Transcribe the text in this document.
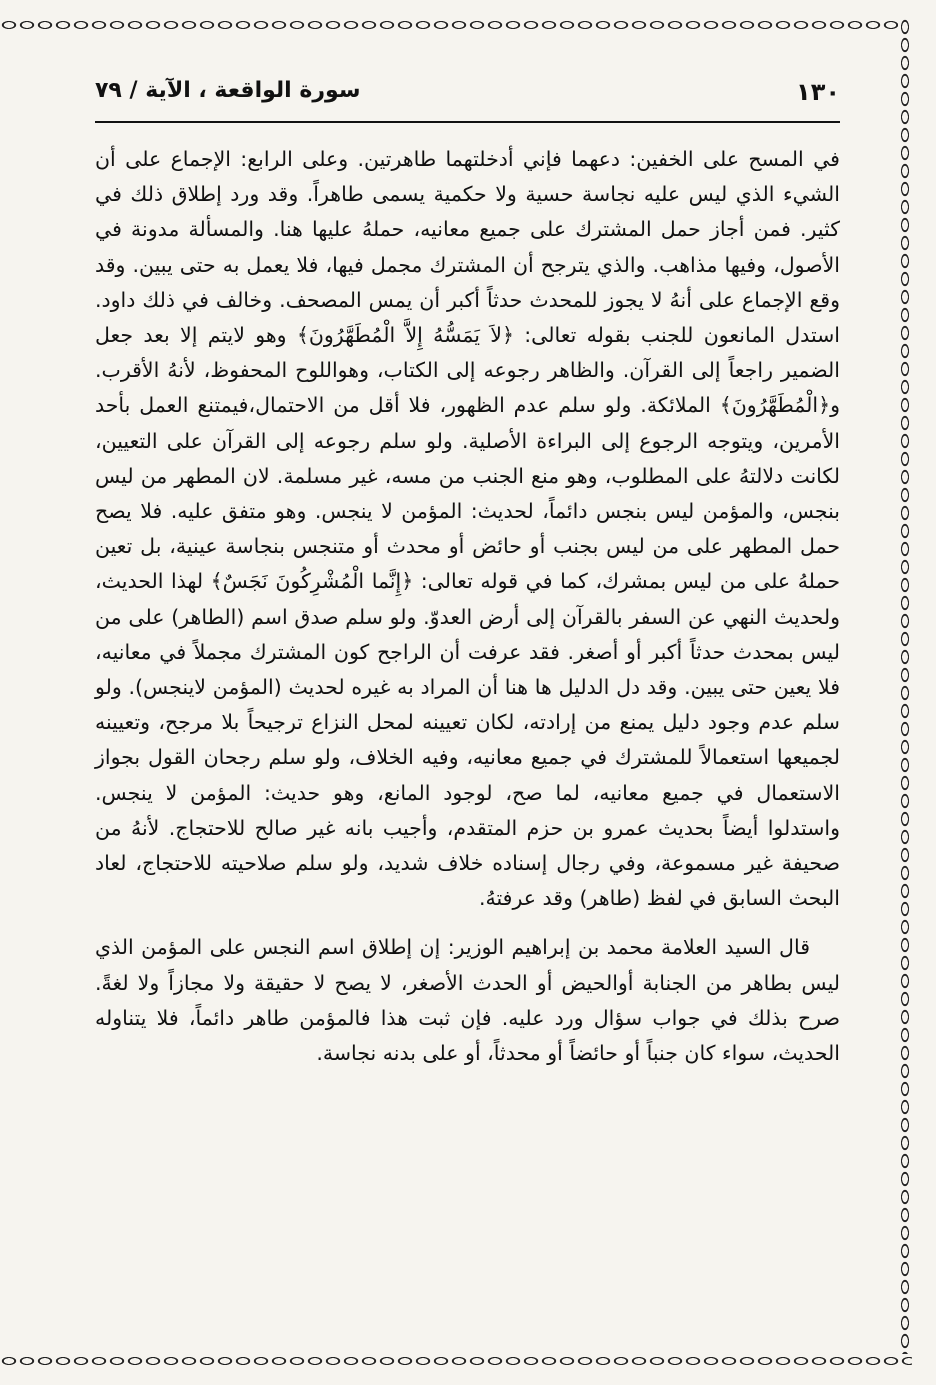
١٣٠
سورة الواقعة ، الآية / ٧٩

في المسح على الخفين: دعهما فإني أدخلتهما طاهرتين. وعلى الرابع: الإجماع على أن الشيء الذي ليس عليه نجاسة حسية ولا حكمية يسمى طاهراً. وقد ورد إطلاق ذلك في كثير. فمن أجاز حمل المشترك على جميع معانيه، حملهُ عليها هنا. والمسألة مدونة في الأصول، وفيها مذاهب. والذي يترجح أن المشترك مجمل فيها، فلا يعمل به حتى يبين. وقد وقع الإجماع على أنهُ لا يجوز للمحدث حدثاً أكبر أن يمس المصحف. وخالف في ذلك داود. استدل المانعون للجنب بقوله تعالى: ﴿لاَ يَمَسُّهُ إِلاَّ الْمُطَهَّرُونَ﴾ وهو لايتم إلا بعد جعل الضمير راجعاً إلى القرآن. والظاهر رجوعه إلى الكتاب، وهواللوح المحفوظ، لأنهُ الأقرب. و﴿الْمُطَهَّرُونَ﴾ الملائكة. ولو سلم عدم الظهور، فلا أقل من الاحتمال،فيمتنع العمل بأحد الأمرين، ويتوجه الرجوع إلى البراءة الأصلية. ولو سلم رجوعه إلى القرآن على التعيين، لكانت دلالتهُ على المطلوب، وهو منع الجنب من مسه، غير مسلمة. لان المطهر من ليس بنجس، والمؤمن ليس بنجس دائماً، لحديث: المؤمن لا ينجس. وهو متفق عليه. فلا يصح حمل المطهر على من ليس بجنب أو حائض أو محدث أو متنجس بنجاسة عينية، بل تعين حملهُ على من ليس بمشرك، كما في قوله تعالى: ﴿إِنَّما الْمُشْرِكُونَ نَجَسٌ﴾ لهذا الحديث، ولحديث النهي عن السفر بالقرآن إلى أرض العدوّ. ولو سلم صدق اسم (الطاهر) على من ليس بمحدث حدثاً أكبر أو أصغر. فقد عرفت أن الراجح كون المشترك مجملاً في معانيه، فلا يعين حتى يبين. وقد دل الدليل ها هنا أن المراد به غيره لحديث (المؤمن لاينجس). ولو سلم عدم وجود دليل يمنع من إرادته، لكان تعيينه لمحل النزاع ترجيحاً بلا مرجح، وتعيينه لجميعها استعمالاً للمشترك في جميع معانيه، وفيه الخلاف، ولو سلم رجحان القول بجواز الاستعمال في جميع معانيه، لما صح، لوجود المانع، وهو حديث: المؤمن لا ينجس. واستدلوا أيضاً بحديث عمرو بن حزم المتقدم، وأجيب بانه غير صالح للاحتجاج. لأنهُ من صحيفة غير مسموعة، وفي رجال إسناده خلاف شديد، ولو سلم صلاحيته للاحتجاج، لعاد البحث السابق في لفظ (طاهر) وقد عرفتهُ.

قال السيد العلامة محمد بن إبراهيم الوزير: إن إطلاق اسم النجس على المؤمن الذي ليس بطاهر من الجنابة أوالحيض أو الحدث الأصغر، لا يصح لا حقيقة ولا مجازاً ولا لغةً. صرح بذلك في جواب سؤال ورد عليه. فإن ثبت هذا فالمؤمن طاهر دائماً، فلا يتناوله الحديث، سواء كان جنباً أو حائضاً أو محدثاً، أو على بدنه نجاسة.
